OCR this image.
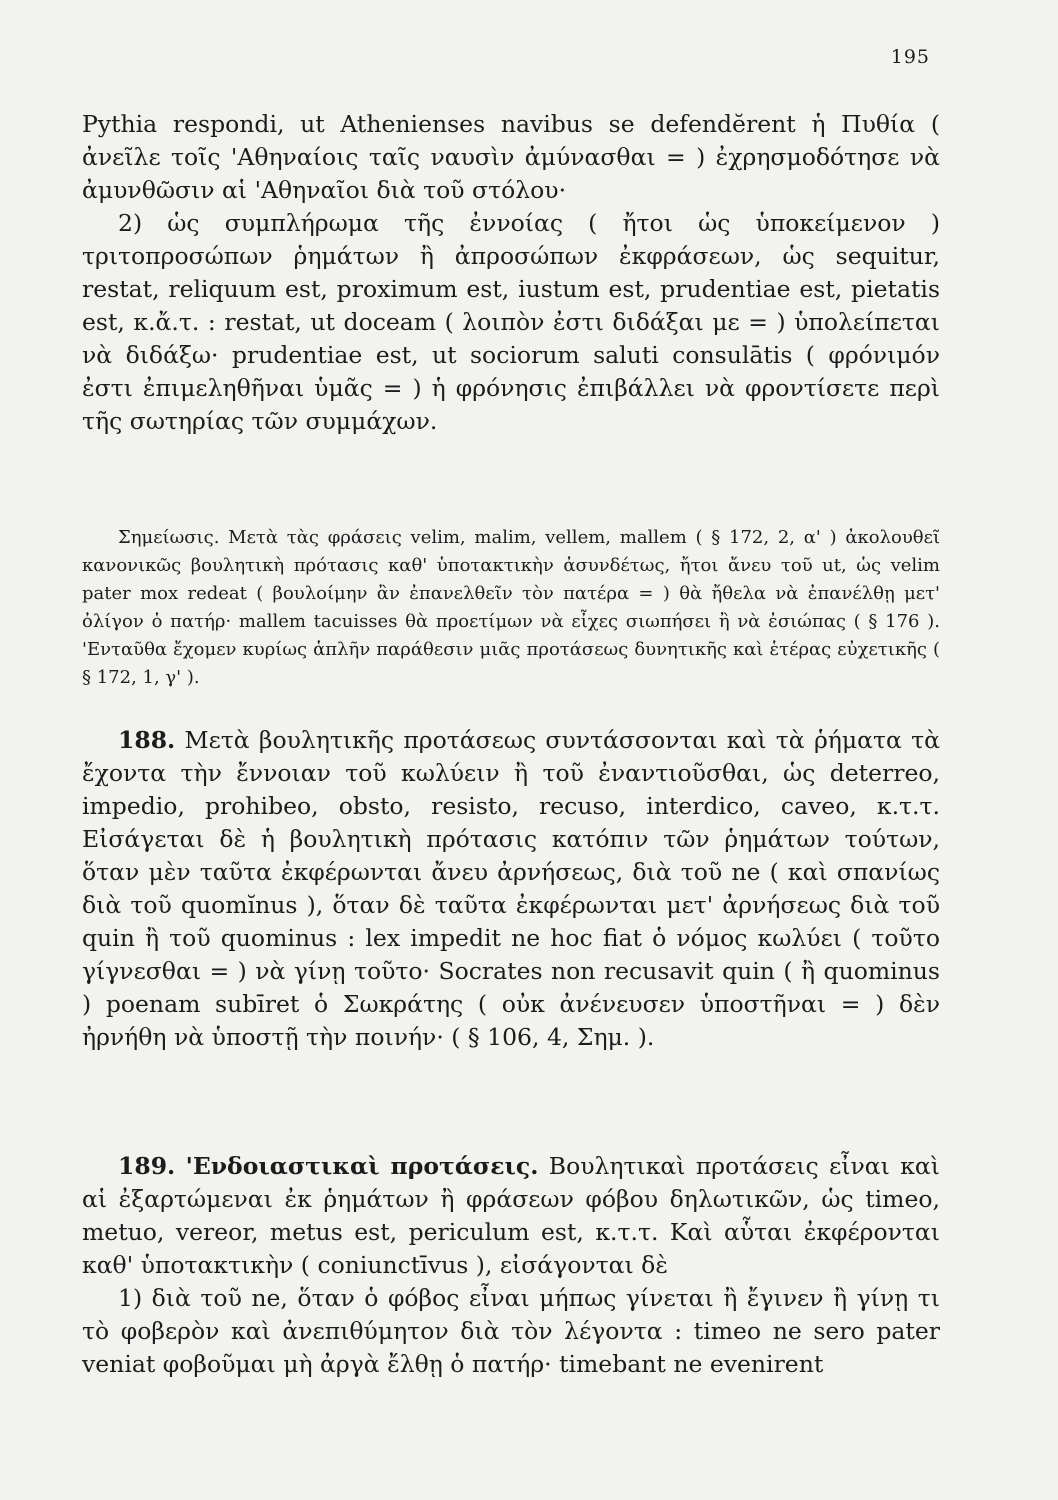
195

Pythia respondi, ut Athenienses navibus se defendĕrent ἡ Πυθία ( ἀνεῖλε τοῖς 'Αθηναίοις ταῖς ναυσὶν ἀμύνασθαι = ) ἐχρησμοδότησε νὰ ἀμυνθῶσιν αἱ 'Αθηναῖοι διὰ τοῦ στόλου·

2) ὡς συμπλήρωμα τῆς ἐννοίας ( ἤτοι ὡς ὑποκείμενον ) τριτοπροσώπων ῥημάτων ἢ ἀπροσώπων ἐκφράσεων, ὡς sequitur, restat, reliquum est, proximum est, iustum est, prudentiae est, pietatis est, κ.ἄ.τ. : restat, ut doceam ( λοιπὸν ἐστι διδάξαι με = ) ὑπολείπεται νὰ διδάξω· prudentiae est, ut sociorum saluti consulātis ( φρόνιμόν ἐστι ἐπιμεληθῆναι ὑμᾶς = ) ἡ φρόνησις ἐπιβάλλει νὰ φροντίσετε περὶ τῆς σωτηρίας τῶν συμμάχων.

Σημείωσις. Μετὰ τὰς φράσεις velim, malim, vellem, mallem ( § 172, 2, α' ) ἀκολουθεῖ κανονικῶς βουλητικὴ πρότασις καθ' ὑποτακτικὴν ἀσυνδέτως, ἤτοι ἄνευ τοῦ ut, ὡς velim pater mox redeat ( βουλοίμην ἂν ἐπανελθεῖν τὸν πατέρα = ) θὰ ἤθελα νὰ ἐπανέλθῃ μετ' ὀλίγον ὁ πατήρ· mallem tacuisses θὰ προετίμων νὰ εἶχες σιωπήσει ἢ νὰ ἐσιώπας ( § 176 ). 'Ενταῦθα ἔχομεν κυρίως ἁπλῆν παράθεσιν μιᾶς προτάσεως δυνητικῆς καὶ ἑτέρας εὐχετικῆς ( § 172, 1, γ' ).

188. Μετὰ βουλητικῆς προτάσεως συντάσσονται καὶ τὰ ῥήματα τὰ ἔχοντα τὴν ἔννοιαν τοῦ κωλύειν ἢ τοῦ ἐναντιοῦσθαι, ὡς deterreo, impedio, prohibeo, obsto, resisto, recuso, interdico, caveo, κ.τ.τ. Εἰσάγεται δὲ ἡ βουλητικὴ πρότασις κατόπιν τῶν ῥημάτων τούτων, ὅταν μὲν ταῦτα ἐκφέρωνται ἄνευ ἀρνήσεως, διὰ τοῦ ne ( καὶ σπανίως διὰ τοῦ quomĭnus ), ὅταν δὲ ταῦτα ἐκφέρωνται μετ' ἀρνήσεως διὰ τοῦ quin ἢ τοῦ quominus : lex impedit ne hoc fiat ὁ νόμος κωλύει ( τοῦτο γίγνεσθαι = ) νὰ γίνῃ τοῦτο· Socrates non recusavit quin ( ἢ quominus ) poenam subīret ὁ Σωκράτης ( οὐκ ἀνένευσεν ὑποστῆναι = ) δὲν ἠρνήθη νὰ ὑποστῇ τὴν ποινήν· ( § 106, 4, Σημ. ).

189. 'Ενδοιαστικαὶ προτάσεις. Βουλητικαὶ προτάσεις εἶναι καὶ αἱ ἐξαρτώμεναι ἐκ ῥημάτων ἢ φράσεων φόβου δηλωτικῶν, ὡς timeo, metuo, vereor, metus est, periculum est, κ.τ.τ. Καὶ αὗται ἐκφέρονται καθ' ὑποτακτικὴν ( coniunctīvus ), εἰσάγονται δὲ

1) διὰ τοῦ ne, ὅταν ὁ φόβος εἶναι μήπως γίνεται ἢ ἔγινεν ἢ γίνῃ τι τὸ φοβερὸν καὶ ἀνεπιθύμητον διὰ τὸν λέγοντα : timeo ne sero pater veniat φοβοῦμαι μὴ ἀργὰ ἔλθῃ ὁ πατήρ· timebant ne evenirent
